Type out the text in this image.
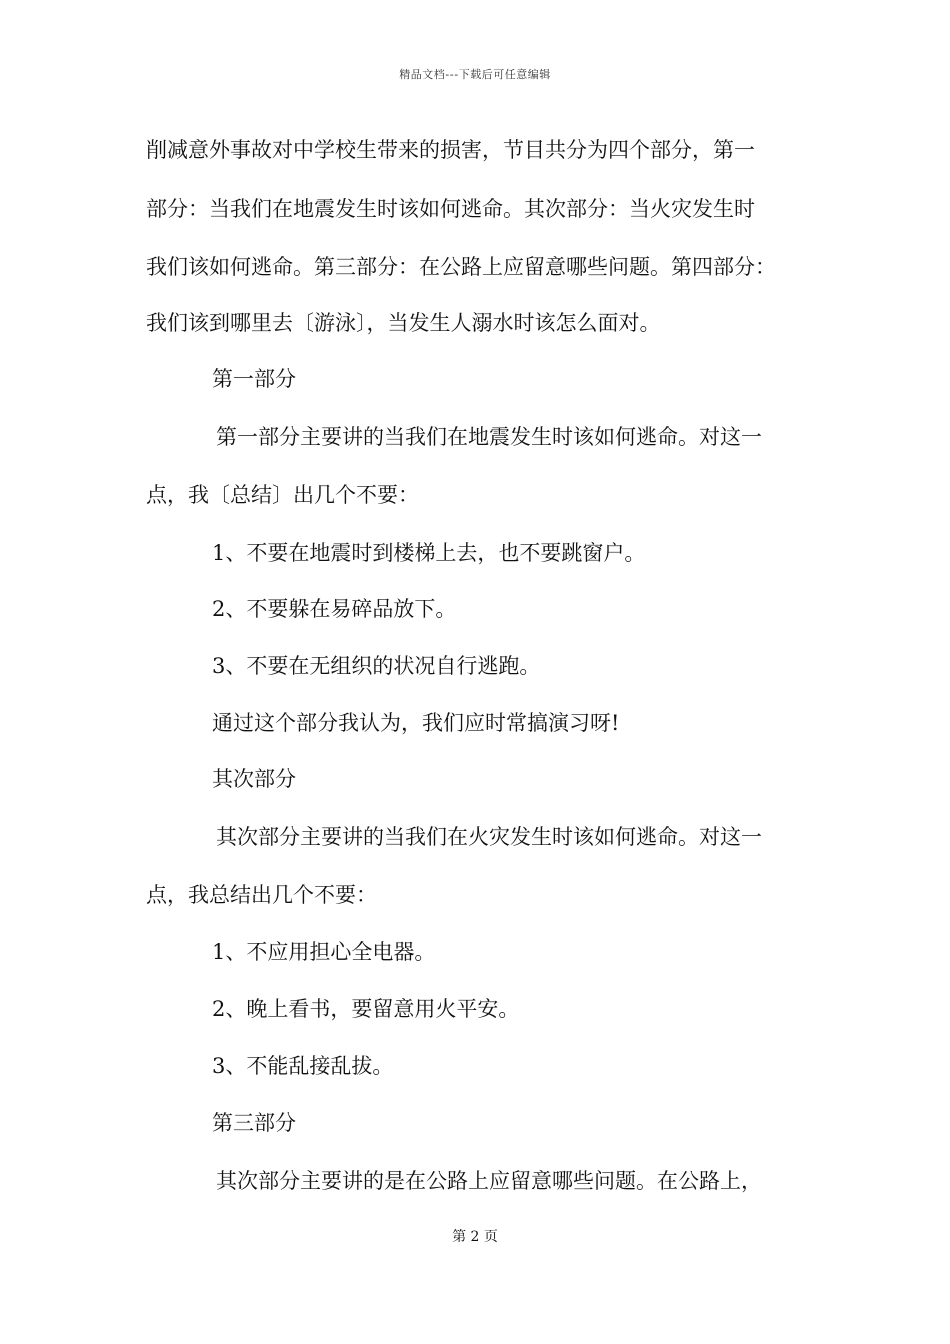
精品文档---下载后可任意编辑
削减意外事故对中学校生带来的损害，节目共分为四个部分，第一
部分：当我们在地震发生时该如何逃命。其次部分：当火灾发生时
我们该如何逃命。第三部分：在公路上应留意哪些问题。第四部分：
我们该到哪里去〔游泳〕，当发生人溺水时该怎么面对。
第一部分
第一部分主要讲的当我们在地震发生时该如何逃命。对这一
点，我〔总结〕出几个不要：
1、不要在地震时到楼梯上去，也不要跳窗户。
2、不要躲在易碎品放下。
3、不要在无组织的状况自行逃跑。
通过这个部分我认为，我们应时常搞演习呀!
其次部分
其次部分主要讲的当我们在火灾发生时该如何逃命。对这一
点，我总结出几个不要：
1、不应用担心全电器。
2、晚上看书，要留意用火平安。
3、不能乱接乱拔。
第三部分
其次部分主要讲的是在公路上应留意哪些问题。在公路上，
第 2 页
